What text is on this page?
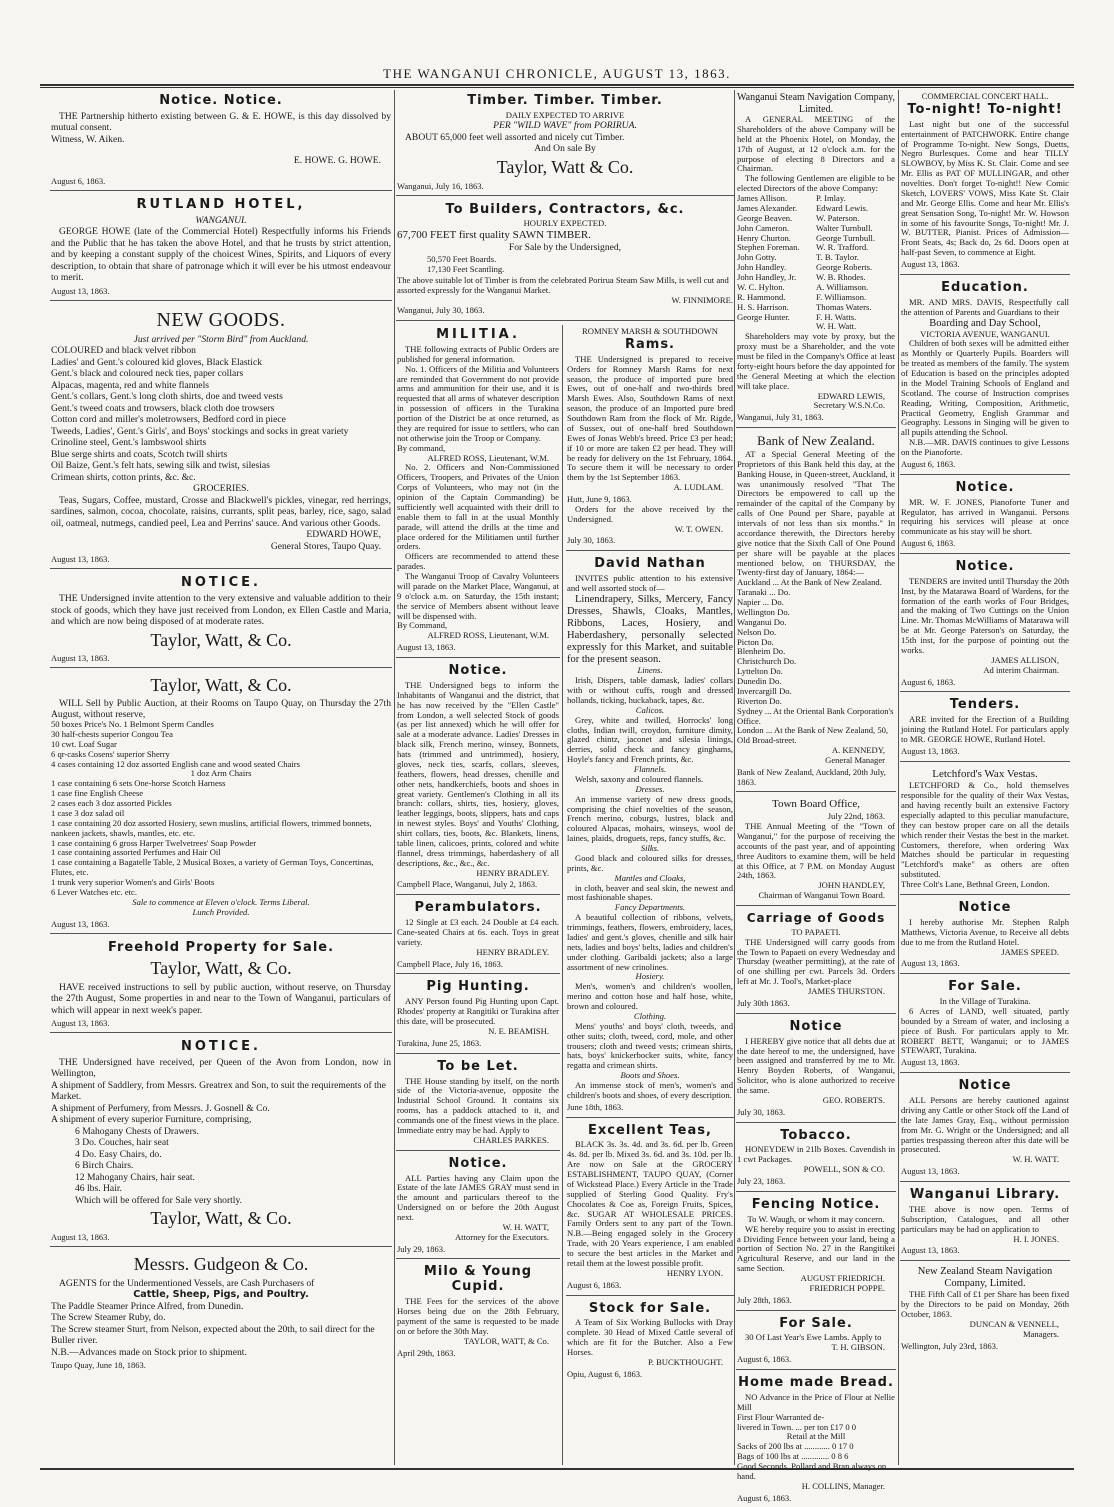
THE WANGANUI CHRONICLE, AUGUST 13, 1863.
Notice. Notice.

THE Partnership hitherto existing between G. & E. HOWE, is this day dissolved by mutual consent.

Witness, W. Aiken.

E. HOWE. G. HOWE.

August 6, 1863.
RUTLAND HOTEL,
WANGANUI.

GEORGE HOWE (late of the Commercial Hotel) Respectfully informs his Friends and the Public that he has taken the above Hotel, and that he trusts by strict attention, and by keeping a constant supply of the choicest Wines, Spirits, and Liquors of every description, to obtain that share of patronage which it will ever be his utmost endeavour to merit.

August 13, 1863.
NEW GOODS.
Just arrived per "Storm Bird" from Auckland.

COLOURED and black velvet ribbon

Ladies' and Gent.'s coloured kid gloves, Black Elastick

Gent.'s black and coloured neck ties, paper collars

Alpacas, magenta, red and white flannels

Gent.'s collars, Gent.'s long cloth shirts, doe and tweed vests

Gent.'s tweed coats and trowsers, black cloth doe trowsers

Cotton cord and miller's moletrowsers, Bedford cord in piece

Tweeds, Ladies', Gent.'s Girls', and Boys' stockings and socks in great variety

Crinoline steel, Gent.'s lambswool shirts

Blue serge shirts and coats, Scotch twill shirts

Oil Baize, Gent.'s felt hats, sewing silk and twist, silesias

Crimean shirts, cotton prints, &c. &c.

GROCERIES.

Teas, Sugars, Coffee, mustard, Crosse and Blackwell's pickles, vinegar, red herrings, sardines, salmon, cocoa, chocolate, raisins, currants, split peas, barley, rice, sago, salad oil, oatmeal, nutmegs, candied peel, Lea and Perrins' sauce. And various other Goods.

EDWARD HOWE,

General Stores, Taupo Quay.

August 13, 1863.
NOTICE.

THE Undersigned invite attention to the very extensive and valuable addition to their stock of goods, which they have just received from London, ex Ellen Castle and Maria, and which are now being disposed of at moderate rates.

Taylor, Watt, & Co.
August 13, 1863.
Taylor, Watt, & Co.

WILL Sell by Public Auction, at their Rooms on Taupo Quay, on Thursday the 27th August, without reserve,

50 boxes Price's No. 1 Belmont Sperm Candles

30 half-chests superior Congou Tea

10 cwt. Loaf Sugar

6 qr-casks Cosens' superior Sherry

4 cases containing 12 doz assorted English cane and wood seated Chairs

1 doz Arm Chairs

1 case containing 6 sets One-horse Scotch Harness

1 case fine English Cheese

2 cases each 3 doz assorted Pickles

1 case 3 doz salad oil

1 case containing 20 doz assorted Hosiery, sewn muslins, artificial flowers, trimmed bonnets, nankeen jackets, shawls, mantles, etc. etc.

1 case containing 6 gross Harper Twelvetrees' Soap Powder

1 case containing assorted Perfumes and Hair Oil

1 case containing a Bagatelle Table, 2 Musical Boxes, a variety of German Toys, Concertinas, Flutes, etc.

1 trunk very superior Women's and Girls' Boots

6 Lever Watches etc. etc.

Sale to commence at Eleven o'clock. Terms Liberal.

Lunch Provided.

August 13, 1863.
Freehold Property for Sale.
Taylor, Watt, & Co.

HAVE received instructions to sell by public auction, without reserve, on Thursday the 27th August, Some properties in and near to the Town of Wanganui, particulars of which will appear in next week's paper.

August 13, 1863.
NOTICE.

THE Undersigned have received, per Queen of the Avon from London, now in Wellington,

A shipment of Saddlery, from Messrs. Greatrex and Son, to suit the requirements of the Market.

A shipment of Perfumery, from Messrs. J. Gosnell & Co.

A shipment of every superior Furniture, comprising,

6 Mahogany Chests of Drawers.

3 Do. Couches, hair seat

4 Do. Easy Chairs, do.

6 Birch Chairs.

12 Mahogany Chairs, hair seat.

46 lbs. Hair.

Which will be offered for Sale very shortly.

Taylor, Watt, & Co.
August 13, 1863.
Messrs. Gudgeon & Co.

AGENTS for the Undermentioned Vessels, are Cash Purchasers of

Cattle, Sheep, Pigs, and Poultry.

The Paddle Steamer Prince Alfred, from Dunedin.

The Screw Steamer Ruby, do.

The Screw steamer Sturt, from Nelson, expected about the 20th, to sail direct for the Buller river.

N.B.—Advances made on Stock prior to shipment.

Taupo Quay, June 18, 1863.
Timber. Timber. Timber.
DAILY EXPECTED TO ARRIVE
PER "WILD WAVE" from PORIRUA.

ABOUT 65,000 feet well assorted and nicely cut Timber.

And On sale By
Taylor, Watt & Co.
Wanganui, July 16, 1863.
To Builders, Contractors, &c.
HOURLY EXPECTED.
67,700 FEET first quality SAWN TIMBER.
For Sale by the Undersigned,
50,570 Feet Boards.
17,130 Feet Scantling.
The above suitable lot of Timber is from the celebrated Porirua Steam Saw Mills, is well cut and assorted expressly for the Wanganui Market.
W. FINNIMORE.
Wanganui, July 30, 1863.
MILITIA.

THE following extracts of Public Orders are published for general information.

No. 1. Officers of the Militia and Volunteers are reminded that Government do not provide arms and ammunition for their use, and it is requested that all arms of whatever description in possession of officers in the Turakina portion of the District be at once returned, as they are required for issue to settlers, who can not otherwise join the Troop or Company.

By command,

ALFRED ROSS, Lieutenant, W.M.

No. 2. Officers and Non-Commissioned Officers, Troopers, and Privates of the Union Corps of Volunteers, who may not (in the opinion of the Captain Commanding) be sufficiently well acquainted with their drill to enable them to fall in at the usual Monthly parade, will attend the drills at the time and place ordered for the Militiamen until further orders.

Officers are recommended to attend these parades.

The Wanganui Troop of Cavalry Volunteers will parade on the Market Place, Wanganui, at 9 o'clock a.m. on Saturday, the 15th instant; the service of Members absent without leave will be dispensed with.

By Command,

ALFRED ROSS, Lieutenant, W.M.

August 13, 1863.
Notice.

THE Undersigned begs to inform the Inhabitants of Wanganui and the district, that he has now received by the "Ellen Castle" from London, a well selected Stock of goods (as per list annexed) which he will offer for sale at a moderate advance. Ladies' Dresses in black silk, French merino, winsey, Bonnets, hats (trimmed and untrimmed), hosiery, gloves, neck ties, scarfs, collars, sleeves, feathers, flowers, head dresses, chenille and other nets, handkerchiefs, boots and shoes in great variety. Gentlemen's Clothing in all its branch: collars, shirts, ties, hosiery, gloves, leather leggings, boots, slippers, hats and caps in newest styles. Boys' and Youths' Clothing, shirt collars, ties, boots, &c. Blankets, linens, table linen, calicoes, prints, colored and white flannel, dress trimmings, haberdashery of all descriptions, &c., &c., &c.

HENRY BRADLEY.

Campbell Place, Wanganui, July 2, 1863.
Perambulators.

12 Single at £3 each. 24 Double at £4 each. Cane-seated Chairs at 6s. each. Toys in great variety.

HENRY BRADLEY.

Campbell Place, July 16, 1863.
Pig Hunting.

ANY Person found Pig Hunting upon Capt. Rhodes' property at Rangitiki or Turakina after this date, will be prosecuted.

N. E. BEAMISH.

Turakina, June 25, 1863.
To be Let.

THE House standing by itself, on the north side of the Victoria-avenue, opposite the Industrial School Ground. It contains six rooms, has a paddock attached to it, and commands one of the finest views in the place. Immediate entry may be had. Apply to

CHARLES PARKES.

Notice.

ALL Parties having any Claim upon the Estate of the late JAMES GRAY must send in the amount and particulars thereof to the Undersigned on or before the 20th August next.

W. H. WATT,

Attorney for the Executors.

July 29, 1863.
Milo & Young Cupid.

THE Fees for the services of the above Horses being due on the 28th February, payment of the same is requested to be made on or before the 30th May.

TAYLOR, WATT, & Co.

April 29th, 1863.
ROMNEY MARSH & SOUTHDOWN
Rams.

THE Undersigned is prepared to receive Orders for Romney Marsh Rams for next season, the produce of imported pure bred Ewes, out of one-half and two-thirds bred Marsh Ewes. Also, Southdown Rams of next season, the produce of an Imported pure bred Southdown Ram from the flock of Mr. Rigde, of Sussex, out of one-half bred Southdown Ewes of Jonas Webb's breed. Price £3 per head; if 10 or more are taken £2 per head. They will be ready for delivery on the 1st February, 1864. To secure them it will be necessary to order them by the 1st September 1863.

A. LUDLAM.

Hutt, June 9, 1863.

Orders for the above received by the Undersigned.

W. T. OWEN.

July 30, 1863.
David Nathan

INVITES public attention to his extensive and well assorted stock of—

Linendrapery, Silks, Mercery, Fancy Dresses, Shawls, Cloaks, Mantles, Ribbons, Laces, Hosiery, and Haberdashery, personally selected expressly for this Market, and suitable for the present season.

Linens.

Irish, Dispers, table damask, ladies' collars with or without cuffs, rough and dressed hollands, ticking, huckaback, tapes, &c.

Calicos.

Grey, white and twilled, Horrocks' long cloths, Indian twill, croydon, furniture dimity, glazed chintz, jaconet and silesia linings, derries, solid check and fancy ginghams, Hoyle's fancy and French prints, &c.

Flannels.

Welsh, saxony and coloured flannels.

Dresses.

An immense variety of new dress goods, comprising the chief novelties of the season, French merino, coburgs, lustres, black and coloured Alpacas, mohairs, winseys, wool de laines, plaids, droguets, reps, fancy stuffs, &c.

Silks.

Good black and coloured silks for dresses, prints, &c.

Mantles and Cloaks,

in cloth, beaver and seal skin, the newest and most fashionable shapes.

Fancy Departments.

A beautiful collection of ribbons, velvets, trimmings, feathers, flowers, embroidery, laces, ladies' and gent.'s gloves, chenille and silk hair nets, ladies and boys' belts, ladies and children's under clothing. Garibaldi jackets; also a large assortment of new crinolines.

Hosiery.

Men's, women's and children's woollen, merino and cotton hose and half hose, white, brown and coloured.

Clothing.

Mens' youths' and boys' cloth, tweeds, and other suits; cloth, tweed, cord, mole, and other trousers; cloth and tweed vests; crimean shirts, hats, boys' knickerbocker suits, white, fancy regatta and crimean shirts.

Boots and Shoes.

An immense stock of men's, women's and children's boots and shoes, of every description.

June 18th, 1863.
Excellent Teas,

BLACK 3s. 3s. 4d. and 3s. 6d. per lb. Green 4s. 8d. per lb. Mixed 3s. 6d. and 3s. 10d. per lb. Are now on Sale at the GROCERY ESTABLISHMENT, TAUPO QUAY, (Corner of Wickstead Place.) Every Article in the Trade supplied of Sterling Good Quality. Fry's Chocolates & Coe as, Foreign Fruits, Spices, &c. SUGAR AT WHOLESALE PRICES. Family Orders sent to any part of the Town. N.B.—Being engaged solely in the Grocery Trade, with 20 Years experience, I am enabled to secure the best articles in the Market and retail them at the lowest possible profit.

HENRY LYON.

August 6, 1863.
Stock for Sale.

A Team of Six Working Bullocks with Dray complete. 30 Head of Mixed Cattle several of which are fit for the Butcher. Also a Few Horses.

P. BUCKTHOUGHT.

Opiu, August 6, 1863.
Wanganui Steam Navigation Company, Limited.

A GENERAL MEETING of the Shareholders of the above Company will be held at the Phoenix Hotel, on Monday, the 17th of August, at 12 o'clock a.m. for the purpose of electing 8 Directors and a Chairman.

The following Gentlemen are eligible to be elected Directors of the above Company:

James Allison.	P. Imlay.
James Alexander.	Edward Lewis.
George Beaven.	W. Paterson.
John Cameron.	Walter Turnbull.
Henry Churton.	George Turnbull.
Stephen Foreman.	W. R. Trafford.
John Gotty.	T. B. Taylor.
John Handley.	George Roberts.
John Handley, Jr.	W. B. Rhodes.
W. C. Hylton.	A. Williamson.
R. Hammond.	F. Williamson.
H. S. Harrison.	Thomas Waters.
George Hunter.	F. H. Watts.
W. H. Watt.

Shareholders may vote by proxy, but the proxy must be a Shareholder, and the vote must be filed in the Company's Office at least forty-eight hours before the day appointed for the General Meeting at which the election will take place.

EDWARD LEWIS,

Secretary W.S.N.Co.

Wanganui, July 31, 1863.
Bank of New Zealand.

AT a Special General Meeting of the Proprietors of this Bank held this day, at the Banking House, in Queen-street, Auckland, it was unanimously resolved "That The Directors be empowered to call up the remainder of the capital of the Company by calls of One Pound per Share, payable at intervals of not less than six months." In accordance therewith, the Directors hereby give notice that the Sixth Call of One Pound per share will be payable at the places mentioned below, on THURSDAY, the Twenty-first day of January, 1864:—

Auckland ... At the Bank of New Zealand.

Taranaki ... Do.

Napier ... Do.

Wellington Do.

Wanganui Do.

Nelson Do.

Picton Do.

Blenheim Do.

Christchurch Do.

Lyttelton Do.

Dunedin Do.

Invercargill Do.

Riverton Do.

Sydney ... At the Oriental Bank Corporation's Office.

London ... At the Bank of New Zealand, 50, Old Broad-street.

A. KENNEDY,

General Manager

Bank of New Zealand, Auckland, 20th July, 1863.
Town Board Office,
July 22nd, 1863.

THE Annual Meeting of the "Town of Wanganui," for the purpose of receiving the accounts of the past year, and of appointing three Auditors to examine them, will be held at this Office, at 7 P.M. on Monday August 24th, 1863.

JOHN HANDLEY,

Chairman of Wanganui Town Board.

Carriage of Goods
TO PAPAETI.

THE Undersigned will carry goods from the Town to Papaeti on every Wednesday and Thursday (weather permitting), at the rate of of one shilling per cwt. Parcels 3d. Orders left at Mr. J. Tool's, Market-place

JAMES THURSTON.

July 30th 1863.
Notice

I HEREBY give notice that all debts due at the date hereof to me, the undersigned, have been assigned and transferred by me to Mr. Henry Boyden Roberts, of Wanganui, Solicitor, who is alone authorized to receive the same.

GEO. ROBERTS.

July 30, 1863.
Tobacco.

HONEYDEW in 21lb Boxes. Cavendish in 1 cwt Packages.

POWELL, SON & CO.

July 23, 1863.
Fencing Notice.
To W. Waugh, or whom it may concern.

WE hereby require you to assist in erecting a Dividing Fence between your land, being a portion of Section No. 27 in the Rangitikei Agricultural Reserve, and our land in the same Section.

AUGUST FRIEDRICH.

FRIEDRICH POPPE.

July 28th, 1863.
For Sale.

30 Of Last Year's Ewe Lambs. Apply to

T. H. GIBSON.

August 6, 1863.
Home made Bread.

NO Advance in the Price of Flour at Nellie Mill

First Flour Warranted de-

livered in Town. ... per ton £17 0 0

Retail at the Mill

Sacks of 200 lbs at ............ 0 17 0

Bags of 100 lbs at ............. 0 8 6

Good Seconds, Pollard and Bran always on hand.

H. COLLINS, Manager.

August 6, 1863.
COMMERCIAL CONCERT HALL.
To-night! To-night!

Last night but one of the successful entertainment of PATCHWORK. Entire change of Programme To-night. New Songs, Duetts, Negro Burlesques. Come and hear TILLY SLOWBOY, by Miss K. St. Clair. Come and see Mr. Ellis as PAT OF MULLINGAR, and other novelties. Don't forget To-night!! New Comic Sketch, LOVERS' VOWS, Miss Kate St. Clair and Mr. George Ellis. Come and hear Mr. Ellis's great Sensation Song, To-night! Mr. W. Howson in some of his favourite Songs, To-night! Mr. J. W. BUTTER, Pianist. Prices of Admission—Front Seats, 4s; Back do, 2s 6d. Doors open at half-past Seven, to commence at Eight.

August 13, 1863.
Education.

MR. AND MRS. DAVIS, Respectfully call the attention of Parents and Guardians to their

Boarding and Day School,
VICTORIA AVENUE, WANGANUI.

Children of both sexes will be admitted either as Monthly or Quarterly Pupils. Boarders will be treated as members of the family. The system of Education is based on the principles adopted in the Model Training Schools of England and Scotland. The course of Instruction comprises Reading, Writing, Composition, Arithmetic, Practical Geometry, English Grammar and Geography. Lessons in Singing will be given to all pupils attending the School.

N.B.—MR. DAVIS continues to give Lessons on the Pianoforte.

August 6, 1863.
Notice.

MR. W. F. JONES, Pianoforte Tuner and Regulator, has arrived in Wanganui. Persons requiring his services will please at once communicate as his stay will be short.

August 6, 1863.
Notice.

TENDERS are invited until Thursday the 20th Inst, by the Matarawa Board of Wardens, for the formation of the earth works of Four Bridges, and the making of Two Cuttings on the Union Line. Mr. Thomas McWilliams of Matarawa will be at Mr. George Paterson's on Saturday, the 15th inst, for the purpose of pointing out the works.

JAMES ALLISON,

Ad interim Chairman.

August 6, 1863.
Tenders.

ARE invited for the Erection of a Building joining the Rutland Hotel. For particulars apply to MR. GEORGE HOWE, Rutland Hotel.

August 13, 1863.
Letchford's Wax Vestas.

LETCHFORD & Co., hold themselves responsible for the quality of their Wax Vestas, and having recently built an extensive Factory especially adapted to this peculiar manufacture, they can bestow proper care on all the details which render their Vestas the best in the market. Customers, therefore, when ordering Wax Matches should be particular in requesting "Letchford's make" as others are often substituted.

Three Colt's Lane, Bethnal Green, London.

Notice

I hereby authorise Mr. Stephen Ralph Matthews, Victoria Avenue, to Receive all debts due to me from the Rutland Hotel.

JAMES SPEED.

August 13, 1863.
For Sale.
In the Village of Turakina.

6 Acres of LAND, well situated, partly bounded by a Stream of water, and inclosing a piece of Bush. For particulars apply to Mr. ROBERT BETT, Wanganui; or to JAMES STEWART, Turakina.

August 13, 1863.
Notice

ALL Persons are hereby cautioned against driving any Cattle or other Stock off the Land of the late James Gray, Esq., without permission from Mr. G. Wright or the Undersigned; and all parties trespassing thereon after this date will be prosecuted.

W. H. WATT.

August 13, 1863.
Wanganui Library.

THE above is now open. Terms of Subscription, Catalogues, and all other particulars may be had on application to

H. I. JONES.

August 13, 1863.
New Zealand Steam Navigation Company, Limited.

THE Fifth Call of £1 per Share has been fixed by the Directors to be paid on Monday, 26th October, 1863.

DUNCAN & VENNELL,

Managers.

Wellington, July 23rd, 1863.
